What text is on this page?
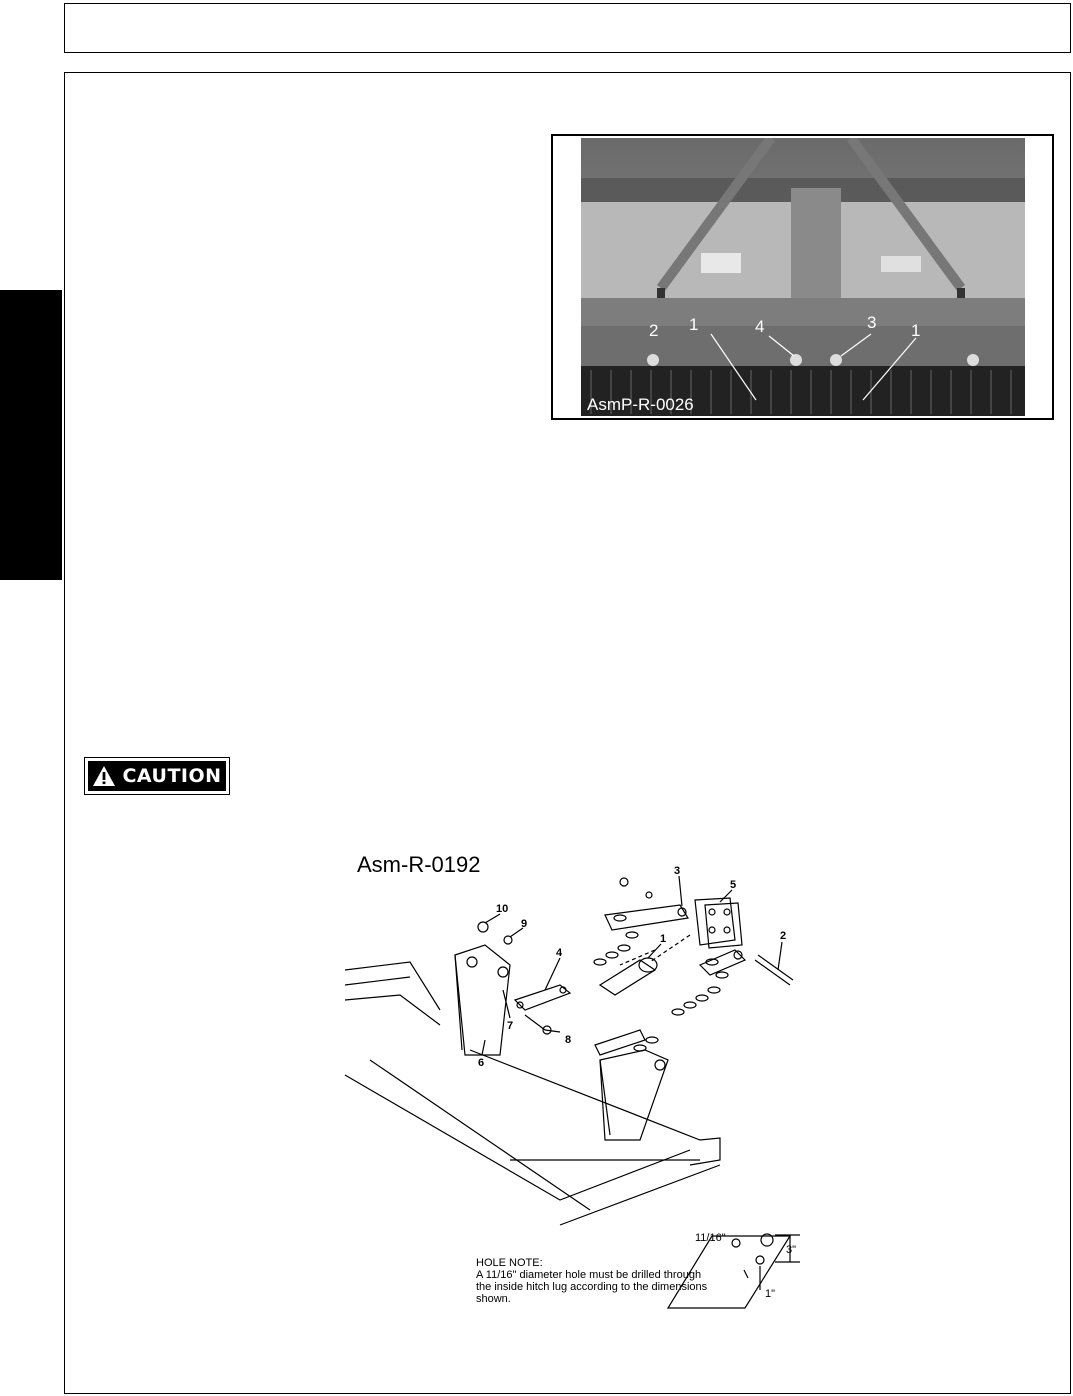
2 1	4	3 1
AsmP-R-0026
CAUTION
Asm-R-0192
10
9
3
5
4
1	2
7
8
6
11/16"
3"
1"
HOLE NOTE:
A 11/16" diameter hole must be drilled through the inside hitch lug according to the dimensions shown.
